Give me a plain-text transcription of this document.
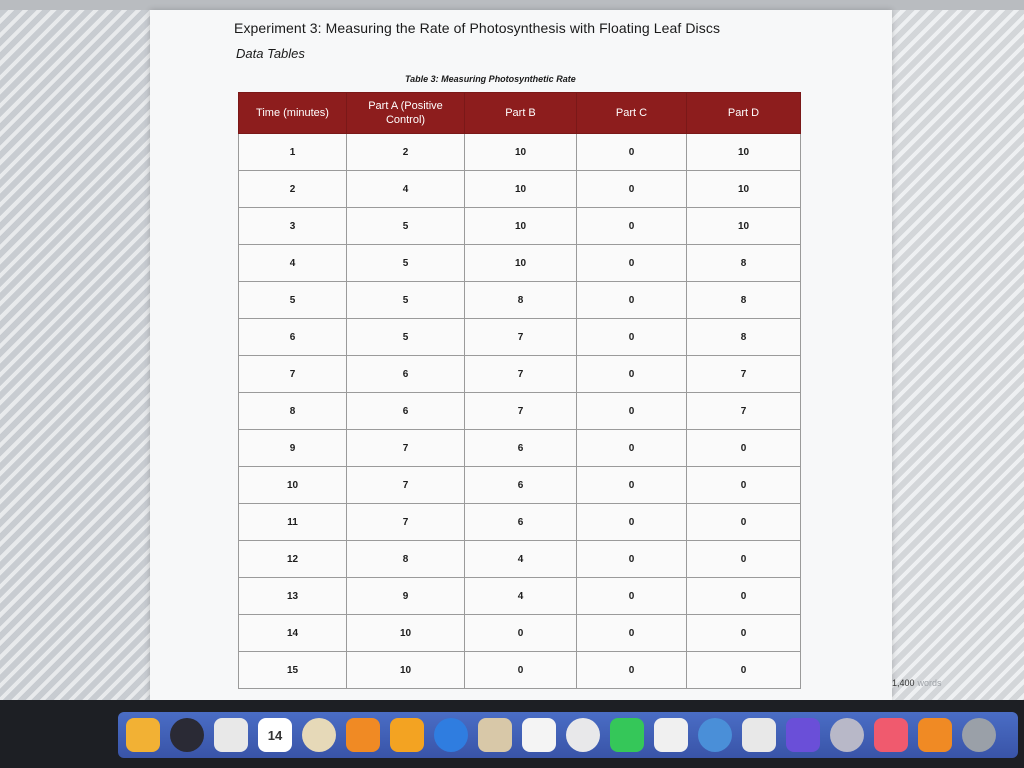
Experiment 3: Measuring the Rate of Photosynthesis with Floating Leaf Discs
Data Tables
Table 3: Measuring Photosynthetic Rate
Time (minutes)	Part A (Positive Control)	Part B	Part C	Part D
1	2	10	0	10
2	4	10	0	10
3	5	10	0	10
4	5	10	0	8
5	5	8	0	8
6	5	7	0	8
7	6	7	0	7
8	6	7	0	7
9	7	6	0	0
10	7	6	0	0
11	7	6	0	0
12	8	4	0	0
13	9	4	0	0
14	10	0	0	0
15	10	0	0	0
1,400 words
14
